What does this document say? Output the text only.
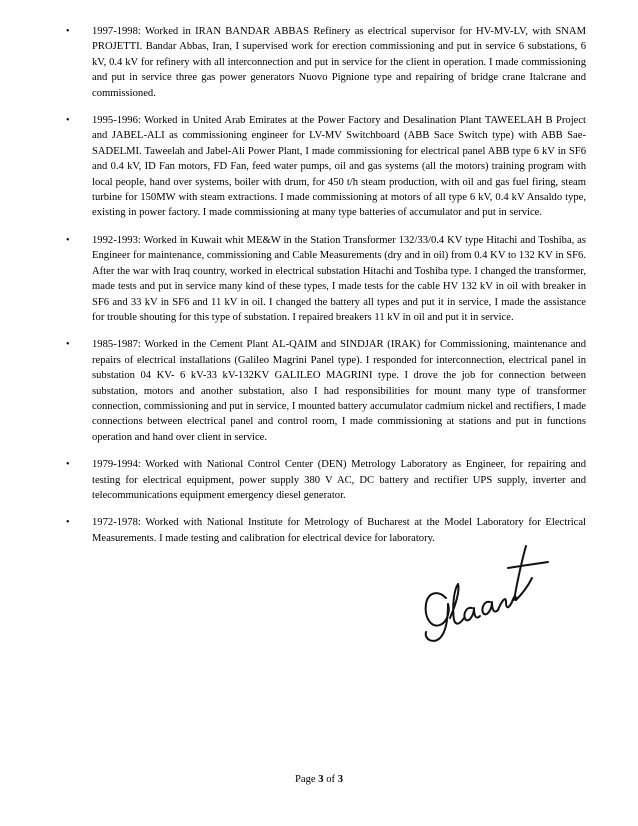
• 1997-1998: Worked in IRAN BANDAR ABBAS Refinery as electrical supervisor for HV-MV-LV, with SNAM PROJETTI. Bandar Abbas, Iran, I supervised work for erection commissioning and put in service 6 substations, 6 kV, 0.4 kV for refinery with all interconnection and put in service for the client in operation. I made commissioning and put in service three gas power generators Nuovo Pignione type and repairing of bridge crane Italcrane and commissioned.

• 1995-1996: Worked in United Arab Emirates at the Power Factory and Desalination Plant TAWEELAH B Project and JABEL-ALI as commissioning engineer for LV-MV Switchboard (ABB Sace Switch type) with ABB Sae-SADELMI. Taweelah and Jabel-Ali Power Plant, I made commissioning for electrical panel ABB type 6 kV in SF6 and 0.4 kV, ID Fan motors, FD Fan, feed water pumps, oil and gas systems (all the motors) training program with local people, hand over systems, boiler with drum, for 450 t/h steam production, with oil and gas fuel firing, steam turbine for 150MW with steam extractions. I made commissioning at motors of all type 6 kV, 0.4 kV Ansaldo type, existing in power factory. I made commissioning at many type batteries of accumulator and put in service.

• 1992-1993: Worked in Kuwait whit ME&W in the Station Transformer 132/33/0.4 KV type Hitachi and Toshiba, as Engineer for maintenance, commissioning and Cable Measurements (dry and in oil) from 0.4 KV to 132 KV in SF6. After the war with Iraq country, worked in electrical substation Hitachi and Toshiba type. I changed the transformer, made tests and put in service many kind of these types, I made tests for the cable HV 132 kV in oil with breaker in SF6 and 33 kV in SF6 and 11 kV in oil. I changed the battery all types and put it in service, I made the assistance for trouble shouting for this type of substation. I repaired breakers 11 kV in oil and put it in service.

• 1985-1987: Worked in the Cement Plant AL-QAIM and SINDJAR (IRAK) for Commissioning, maintenance and repairs of electrical installations (Galileo Magrini Panel type). I responded for interconnection, electrical panel in substation 04 KV- 6 kV-33 kV-132KV GALILEO MAGRINI type. I drove the job for connection between substation, motors and another substation, also I had responsibilities for mount many type of transformer connection, commissioning and put in service, I mounted battery accumulator cadmium nickel and rectifiers, I made connections between electrical panel and control room, I made commissioning at stations and put in functions operation and hand over client in service.

• 1979-1994: Worked with National Control Center (DEN) Metrology Laboratory as Engineer, for repairing and testing for electrical equipment, power supply 380 V AC, DC battery and rectifier UPS supply, inverter and telecommunications equipment emergency diesel generator.

• 1972-1978: Worked with National Institute for Metrology of Bucharest at the Model Laboratory for Electrical Measurements. I made testing and calibration for electrical device for laboratory.

Page 3 of 3
